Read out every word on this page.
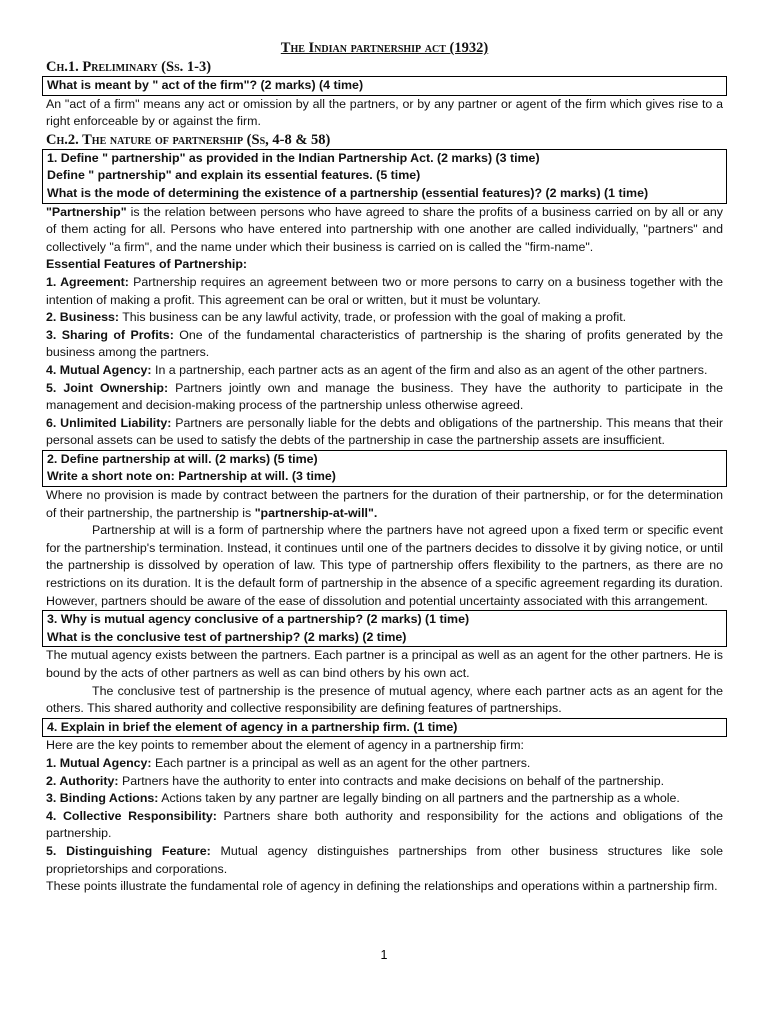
The Indian partnership act (1932)
Ch.1. Preliminary (Ss. 1-3)
What is meant by " act of the firm"? (2 marks) (4 time)

An "act of a firm" means any act or omission by all the partners, or by any partner or agent of the firm which gives rise to a right enforceable by or against the firm.

Ch.2. The nature of partnership (Ss, 4-8 & 58)
1. Define " partnership" as provided in the Indian Partnership Act. (2 marks) (3 time)
Define " partnership" and explain its essential features. (5 time)
What is the mode of determining the existence of a partnership (essential features)? (2 marks) (1 time)

"Partnership" is the relation between persons who have agreed to share the profits of a business carried on by all or any of them acting for all. Persons who have entered into partnership with one another are called individually, "partners" and collectively "a firm", and the name under which their business is carried on is called the "firm-name".

Essential Features of Partnership:

1. Agreement: Partnership requires an agreement between two or more persons to carry on a business together with the intention of making a profit. This agreement can be oral or written, but it must be voluntary.

2. Business: This business can be any lawful activity, trade, or profession with the goal of making a profit.

3. Sharing of Profits: One of the fundamental characteristics of partnership is the sharing of profits generated by the business among the partners.

4. Mutual Agency: In a partnership, each partner acts as an agent of the firm and also as an agent of the other partners.

5. Joint Ownership: Partners jointly own and manage the business. They have the authority to participate in the management and decision-making process of the partnership unless otherwise agreed.

6. Unlimited Liability: Partners are personally liable for the debts and obligations of the partnership. This means that their personal assets can be used to satisfy the debts of the partnership in case the partnership assets are insufficient.

2. Define partnership at will. (2 marks) (5 time)
Write a short note on: Partnership at will. (3 time)

Where no provision is made by contract between the partners for the duration of their partnership, or for the determination of their partnership, the partnership is "partnership-at-will".

Partnership at will is a form of partnership where the partners have not agreed upon a fixed term or specific event for the partnership's termination. Instead, it continues until one of the partners decides to dissolve it by giving notice, or until the partnership is dissolved by operation of law. This type of partnership offers flexibility to the partners, as there are no restrictions on its duration. It is the default form of partnership in the absence of a specific agreement regarding its duration. However, partners should be aware of the ease of dissolution and potential uncertainty associated with this arrangement.

3. Why is mutual agency conclusive of a partnership? (2 marks) (1 time)
What is the conclusive test of partnership? (2 marks) (2 time)

The mutual agency exists between the partners. Each partner is a principal as well as an agent for the other partners. He is bound by the acts of other partners as well as can bind others by his own act.

The conclusive test of partnership is the presence of mutual agency, where each partner acts as an agent for the others. This shared authority and collective responsibility are defining features of partnerships.

4. Explain in brief the element of agency in a partnership firm. (1 time)

Here are the key points to remember about the element of agency in a partnership firm:

1. Mutual Agency: Each partner is a principal as well as an agent for the other partners.

2. Authority: Partners have the authority to enter into contracts and make decisions on behalf of the partnership.

3. Binding Actions: Actions taken by any partner are legally binding on all partners and the partnership as a whole.

4. Collective Responsibility: Partners share both authority and responsibility for the actions and obligations of the partnership.

5. Distinguishing Feature: Mutual agency distinguishes partnerships from other business structures like sole proprietorships and corporations.

These points illustrate the fundamental role of agency in defining the relationships and operations within a partnership firm.

1
